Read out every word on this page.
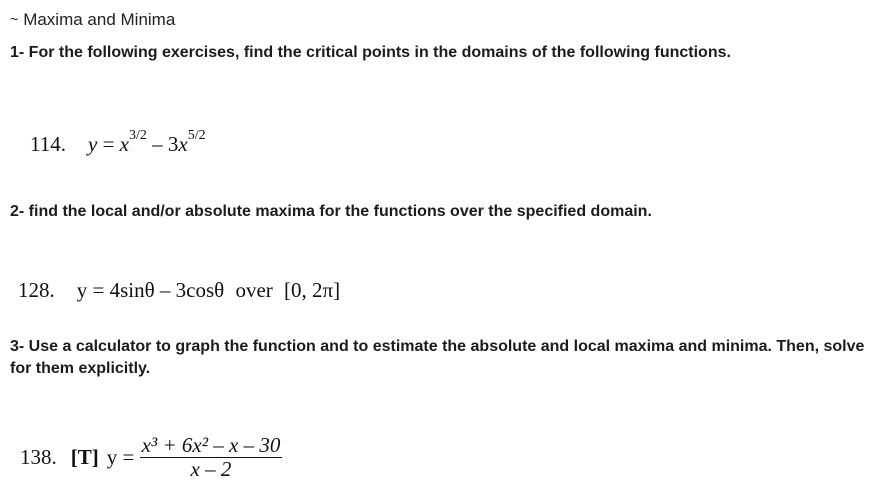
~ Maxima and Minima
1- For the following exercises, find the critical points in the domains of the following functions.
114. $y = x^{3/2} - 3x^{5/2}$
2- find the local and/or absolute maxima for the functions over the specified domain.
128. y = 4sinθ – 3cosθ over [0, 2π]
3- Use a calculator to graph the function and to estimate the absolute and local maxima and minima. Then, solve for them explicitly.
138. [T] $y = \frac{\text{x³ + 6x² – x – 30}}{x - 2}$
